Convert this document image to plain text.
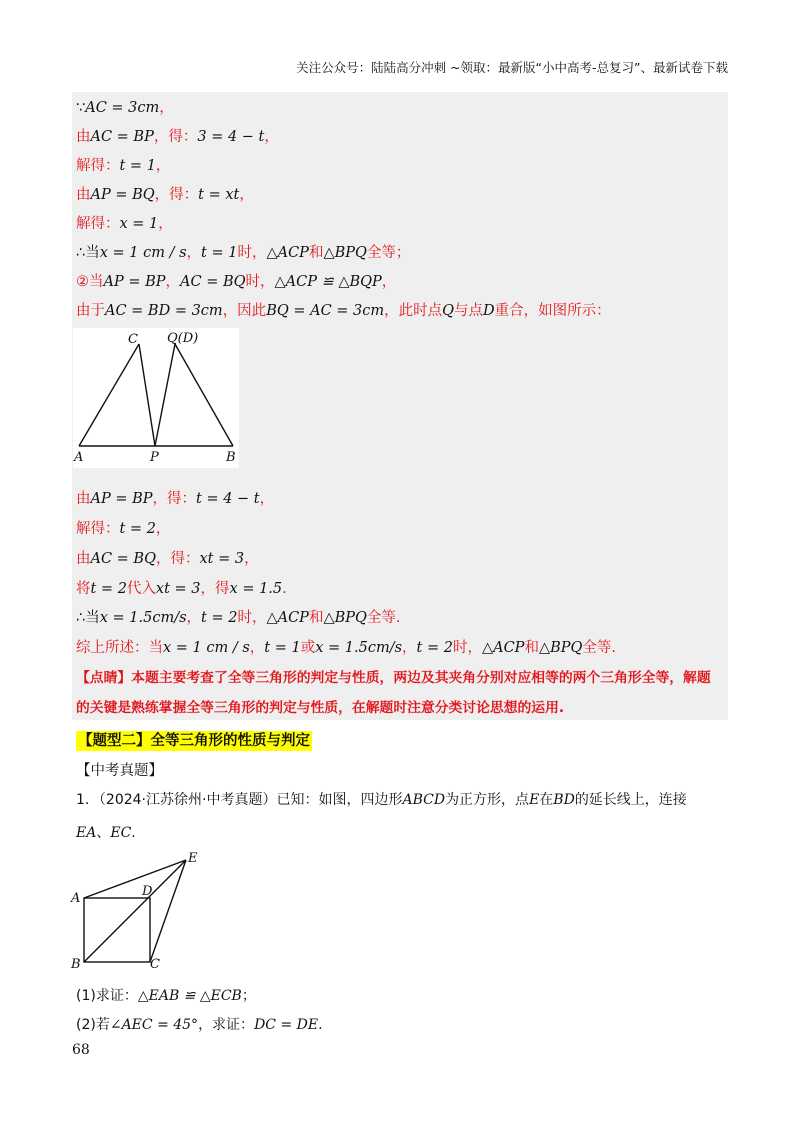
关注公众号：陆陆高分冲刺 ~领取：最新版“小中高考-总复习”、最新试卷下载
∵AC = 3cm，
由AC = BP，得：3 = 4 − t，
解得：t = 1，
由AP = BQ，得：t = xt，
解得：x = 1，
∴当x = 1 cm / s，t = 1时，△ACP和△BPQ全等；
②当AP = BP，AC = BQ时，△ACP ≌ △BQP，
由于AC = BD = 3cm，因此BQ = AC = 3cm，此时点Q与点D重合，如图所示：
A	P	B
C Q(D)
由AP = BP，得：t = 4 − t，
解得：t = 2，
由AC = BQ，得：xt = 3，
将t = 2代入xt = 3，得x = 1.5.
∴当x = 1.5cm/s，t = 2时，△ACP和△BPQ全等.
综上所述：当x = 1 cm / s，t = 1或x = 1.5cm/s，t = 2时，△ACP和△BPQ全等.
【点睛】本题主要考查了全等三角形的判定与性质，两边及其夹角分别对应相等的两个三角形全等，解题
的关键是熟练掌握全等三角形的判定与性质，在解题时注意分类讨论思想的运用.
【题型二】全等三角形的性质与判定
【中考真题】
1．（2024·江苏徐州·中考真题）已知：如图，四边形ABCD为正方形，点E在BD的延长线上，连接
EA、EC.
A
B	C
D
E
(1)求证：△EAB ≌ △ECB；
(2)若∠AEC = 45°，求证：DC = DE.
68
